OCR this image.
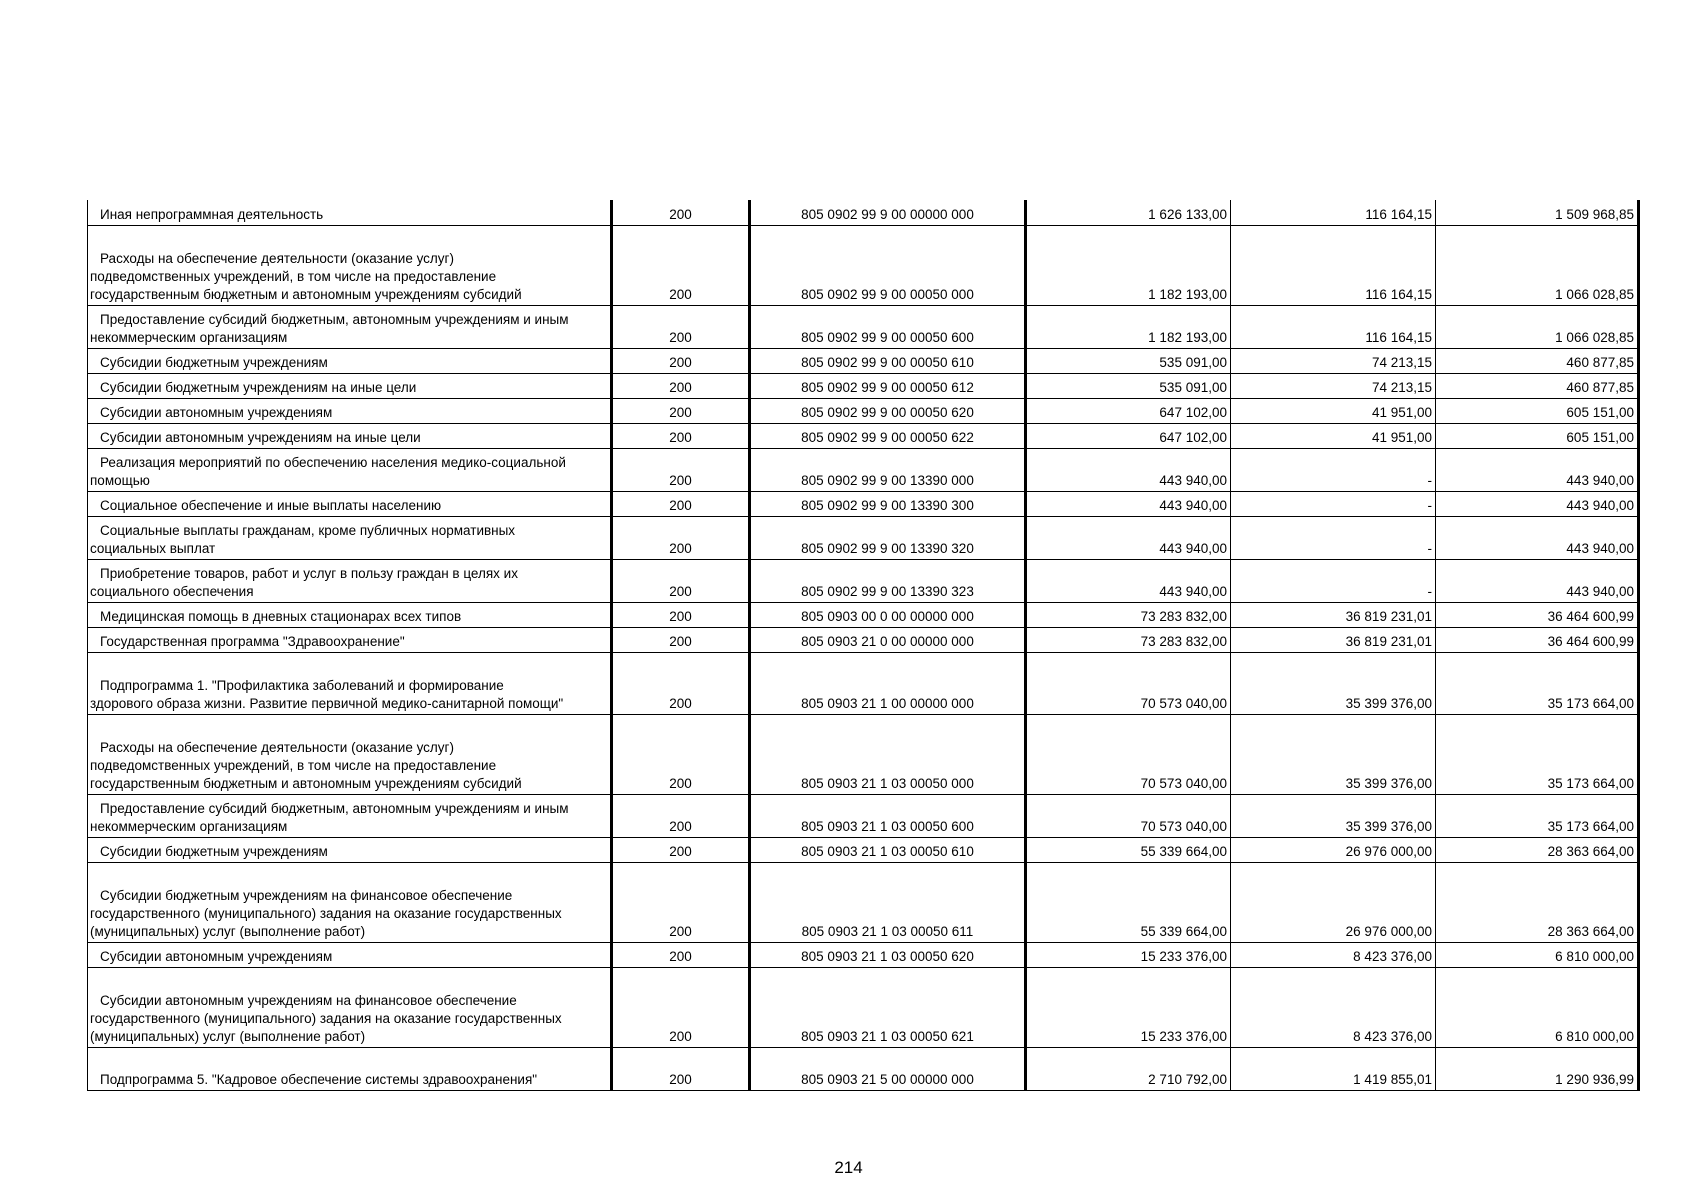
Иная непрограммная деятельность	200	805 0902 99 9 00 00000 000	1 626 133,00	116 164,15	1 509 968,85

Расходы на обеспечение деятельности (оказание услуг)
подведомственных учреждений, в том числе на предоставление
государственным бюджетным и автономным учреждениям субсидий	200	805 0902 99 9 00 00050 000	1 182 193,00	116 164,15	1 066 028,85

Предоставление субсидий бюджетным, автономным учреждениям и иным
некоммерческим организациям	200	805 0902 99 9 00 00050 600	1 182 193,00	116 164,15	1 066 028,85

Субсидии бюджетным учреждениям	200	805 0902 99 9 00 00050 610	535 091,00	74 213,15	460 877,85

Субсидии бюджетным учреждениям на иные цели	200	805 0902 99 9 00 00050 612	535 091,00	74 213,15	460 877,85

Субсидии автономным учреждениям	200	805 0902 99 9 00 00050 620	647 102,00	41 951,00	605 151,00

Субсидии автономным учреждениям на иные цели	200	805 0902 99 9 00 00050 622	647 102,00	41 951,00	605 151,00

Реализация мероприятий по обеспечению населения медико-социальной
помощью	200	805 0902 99 9 00 13390 000	443 940,00	-	443 940,00

Социальное обеспечение и иные выплаты населению	200	805 0902 99 9 00 13390 300	443 940,00	-	443 940,00

Социальные выплаты гражданам, кроме публичных нормативных
социальных выплат	200	805 0902 99 9 00 13390 320	443 940,00	-	443 940,00

Приобретение товаров, работ и услуг в пользу граждан в целях их
социального обеспечения	200	805 0902 99 9 00 13390 323	443 940,00	-	443 940,00

Медицинская помощь в дневных стационарах всех типов	200	805 0903 00 0 00 00000 000	73 283 832,00	36 819 231,01	36 464 600,99

Государственная программа "Здравоохранение"	200	805 0903 21 0 00 00000 000	73 283 832,00	36 819 231,01	36 464 600,99

Подпрограмма 1. "Профилактика заболеваний и формирование
здорового образа жизни. Развитие первичной медико-санитарной помощи"	200	805 0903 21 1 00 00000 000	70 573 040,00	35 399 376,00	35 173 664,00

Расходы на обеспечение деятельности (оказание услуг)
подведомственных учреждений, в том числе на предоставление
государственным бюджетным и автономным учреждениям субсидий	200	805 0903 21 1 03 00050 000	70 573 040,00	35 399 376,00	35 173 664,00

Предоставление субсидий бюджетным, автономным учреждениям и иным
некоммерческим организациям	200	805 0903 21 1 03 00050 600	70 573 040,00	35 399 376,00	35 173 664,00

Субсидии бюджетным учреждениям	200	805 0903 21 1 03 00050 610	55 339 664,00	26 976 000,00	28 363 664,00

Субсидии бюджетным учреждениям на финансовое обеспечение
государственного (муниципального) задания на оказание государственных
(муниципальных) услуг (выполнение работ)	200	805 0903 21 1 03 00050 611	55 339 664,00	26 976 000,00	28 363 664,00

Субсидии автономным учреждениям	200	805 0903 21 1 03 00050 620	15 233 376,00	8 423 376,00	6 810 000,00

Субсидии автономным учреждениям на финансовое обеспечение
государственного (муниципального) задания на оказание государственных
(муниципальных) услуг (выполнение работ)	200	805 0903 21 1 03 00050 621	15 233 376,00	8 423 376,00	6 810 000,00

Подпрограмма 5. "Кадровое обеспечение системы здравоохранения"	200	805 0903 21 5 00 00000 000	2 710 792,00	1 419 855,01	1 290 936,99
214
